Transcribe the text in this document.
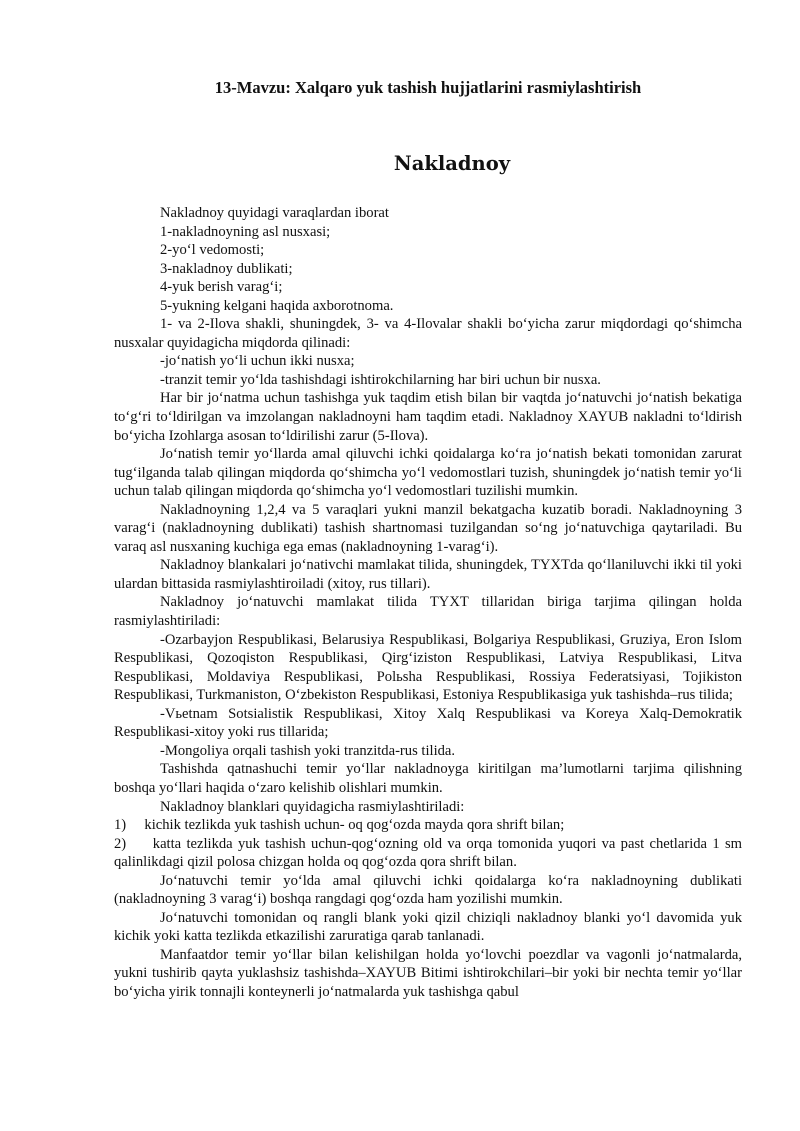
13-Mavzu: Xalqaro yuk tashish hujjatlarini rasmiylashtirish
Nakladnoy

Nakladnoy quyidagi varaqlardan iborat

1-nakladnoyning asl nusxasi;

2-yo‘l vedomosti;

3-nakladnoy dublikati;

4-yuk berish varag‘i;

5-yukning kelgani haqida axborotnoma.

1- va 2-Ilova shakli, shuningdek, 3- va 4-Ilovalar shakli bo‘yicha zarur miqdordagi qo‘shimcha nusxalar quyidagicha miqdorda qilinadi:

-jo‘natish yo‘li uchun ikki nusxa;

-tranzit temir yo‘lda tashishdagi ishtirokchilarning har biri uchun bir nusxa.

Har bir jo‘natma uchun tashishga yuk taqdim etish bilan bir vaqtda jo‘natuvchi jo‘natish bekatiga to‘g‘ri to‘ldirilgan va imzolangan nakladnoyni ham taqdim etadi. Nakladnoy XAYUB nakladni to‘ldirish bo‘yicha Izohlarga asosan to‘ldirilishi zarur (5-Ilova).

Jo‘natish temir yo‘llarda amal qiluvchi ichki qoidalarga ko‘ra jo‘natish bekati tomonidan zarurat tug‘ilganda talab qilingan miqdorda qo‘shimcha yo‘l vedomostlari tuzish, shuningdek jo‘natish temir yo‘li uchun talab qilingan miqdorda qo‘shimcha yo‘l vedomostlari tuzilishi mumkin.

Nakladnoyning 1,2,4 va 5 varaqlari yukni manzil bekatgacha kuzatib boradi. Nakladnoyning 3 varag‘i (nakladnoyning dublikati) tashish shartnomasi tuzilgandan so‘ng jo‘natuvchiga qaytariladi. Bu varaq asl nusxaning kuchiga ega emas (nakladnoyning 1-varag‘i).

Nakladnoy blankalari jo‘nativchi mamlakat tilida, shuningdek, TYXTda qo‘llaniluvchi ikki til yoki ulardan bittasida rasmiylashtiroiladi (xitoy, rus tillari).

Nakladnoy jo‘natuvchi mamlakat tilida TYXT tillaridan biriga tarjima qilingan holda rasmiylashtiriladi:

-Ozarbayjon Respublikasi, Belarusiya Respublikasi, Bolgariya Respublikasi, Gruziya, Eron Islom Respublikasi, Qozoqiston Respublikasi, Qirg‘iziston Respublikasi, Latviya Respublikasi, Litva Respublikasi, Moldaviya Respublikasi, Polьsha Respublikasi, Rossiya Federatsiyasi, Tojikiston Respublikasi, Turkmaniston, O‘zbekiston Respublikasi, Estoniya Respublikasiga yuk tashishda–rus tilida;

-Vьetnam Sotsialistik Respublikasi, Xitoy Xalq Respublikasi va Koreya Xalq-Demokratik Respublikasi-xitoy yoki rus tillarida;

-Mongoliya orqali tashish yoki tranzitda-rus tilida.

Tashishda qatnashuchi temir yo‘llar nakladnoyga kiritilgan ma’lumotlarni tarjima qilishning boshqa yo‘llari haqida o‘zaro kelishib olishlari mumkin.

Nakladnoy blanklari quyidagicha rasmiylashtiriladi:

1)     kichik tezlikda yuk tashish uchun- oq qog‘ozda mayda qora shrift bilan;

2)     katta tezlikda yuk tashish uchun-qog‘ozning old va orqa tomonida yuqori va past chetlarida 1 sm qalinlikdagi qizil polosa chizgan holda oq qog‘ozda qora shrift bilan.

Jo‘natuvchi temir yo‘lda amal qiluvchi ichki qoidalarga ko‘ra nakladnoyning dublikati (nakladnoyning 3 varag‘i) boshqa rangdagi qog‘ozda ham yozilishi mumkin.

Jo‘natuvchi tomonidan oq rangli blank yoki qizil chiziqli nakladnoy blanki yo‘l davomida yuk kichik yoki katta tezlikda etkazilishi zaruratiga qarab tanlanadi.

Manfaatdor temir yo‘llar bilan kelishilgan holda yo‘lovchi poezdlar va vagonli jo‘natmalarda, yukni tushirib qayta yuklashsiz tashishda–XAYUB Bitimi ishtirokchilari–bir yoki bir nechta temir yo‘llar bo‘yicha yirik tonnajli konteynerli jo‘natmalarda yuk tashishga qabul
